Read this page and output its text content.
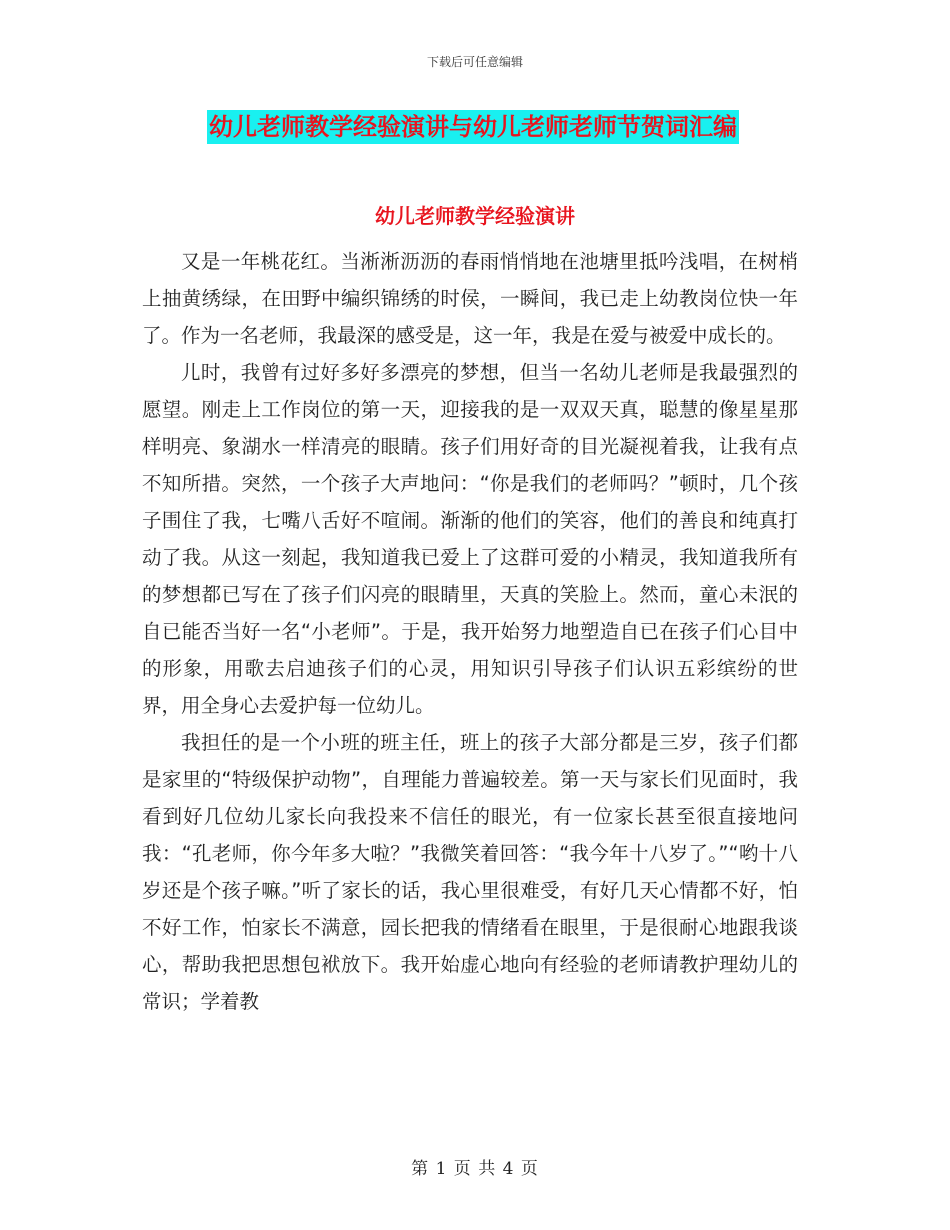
下载后可任意编辑
幼儿老师教学经验演讲与幼儿老师老师节贺词汇编
幼儿老师教学经验演讲

又是一年桃花红。当淅淅沥沥的春雨悄悄地在池塘里抵吟浅唱，在树梢上抽黄绣绿，在田野中编织锦绣的时侯，一瞬间，我已走上幼教岗位快一年了。作为一名老师，我最深的感受是，这一年，我是在爱与被爱中成长的。

儿时，我曾有过好多好多漂亮的梦想，但当一名幼儿老师是我最强烈的愿望。刚走上工作岗位的第一天，迎接我的是一双双天真，聪慧的像星星那样明亮、象湖水一样清亮的眼睛。孩子们用好奇的目光凝视着我，让我有点不知所措。突然，一个孩子大声地问：“你是我们的老师吗？”顿时，几个孩子围住了我，七嘴八舌好不喧闹。渐渐的他们的笑容，他们的善良和纯真打动了我。从这一刻起，我知道我已爱上了这群可爱的小精灵，我知道我所有的梦想都已写在了孩子们闪亮的眼睛里，天真的笑脸上。然而，童心未泯的自已能否当好一名“小老师”。于是，我开始努力地塑造自已在孩子们心目中的形象，用歌去启迪孩子们的心灵，用知识引导孩子们认识五彩缤纷的世界，用全身心去爱护每一位幼儿。

我担任的是一个小班的班主任，班上的孩子大部分都是三岁，孩子们都是家里的“特级保护动物”，自理能力普遍较差。第一天与家长们见面时，我看到好几位幼儿家长向我投来不信任的眼光，有一位家长甚至很直接地问我：“孔老师，你今年多大啦？”我微笑着回答：“我今年十八岁了。”“哟十八岁还是个孩子嘛。”听了家长的话，我心里很难受，有好几天心情都不好，怕不好工作，怕家长不满意，园长把我的情绪看在眼里，于是很耐心地跟我谈心，帮助我把思想包袱放下。我开始虚心地向有经验的老师请教护理幼儿的常识；学着教

第 1 页 共 4 页
